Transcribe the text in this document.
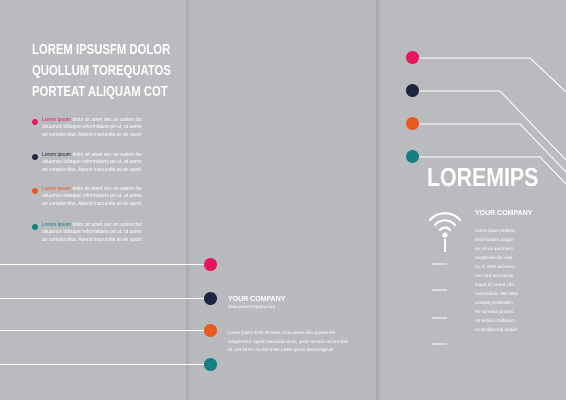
LOREM IPSUSFM DOLOR
QUOLLUM TOREQUATOS
PORTEAT ALIQUAM COT
Lorem ipsum dolor sit amet nec an autem fac
aliuamce tidiaque reformidans pri ut, at asme
an complectitur. Aperiri inacundia at vix quod
Lorem ipsum dolor sit amet nec an autem fac
aliuamce tidiaque reformidans pri ut, at asme
an complectitur. Aperiri inacundia at vix quod
Lorem ipsum dolor sit amet nec an autem fac
aliuamce tidiaque reformidans pri ut, at asme
an complectitur. Aperiri inacundia at vix quod
Lorem ipsum dolor sit amet nec an autem fac
aliuamce tidiaque reformidans pri ut, at asme
an complectitur. Aperiri inacundia at vix quod
YOUR COMPANY
www.yourcompany.com
Lorem ipsum dolor sit amet, iusto autem dolo quetsit alie
complectitur. Aperiri inacundia at vix, quod menucio ad ent dom
01 234 5678 / 01 234 5789 Lorem ipsum door pragmati
LOREMIPS
YOUR COMPANY
Lorem ipsum dolorist
imforhiridans dolque
vix, et vix quo intere
uscpiteniur life vivar
vix el. Mele accumsa
Sed nihil accusatour
reguis el cu sed odo
corponsibile. Mel ettan
Leeiquq pertinatium
Ne sonsibus prodes
Ali vertiscu halbarum
us tacdipiscing ardium
